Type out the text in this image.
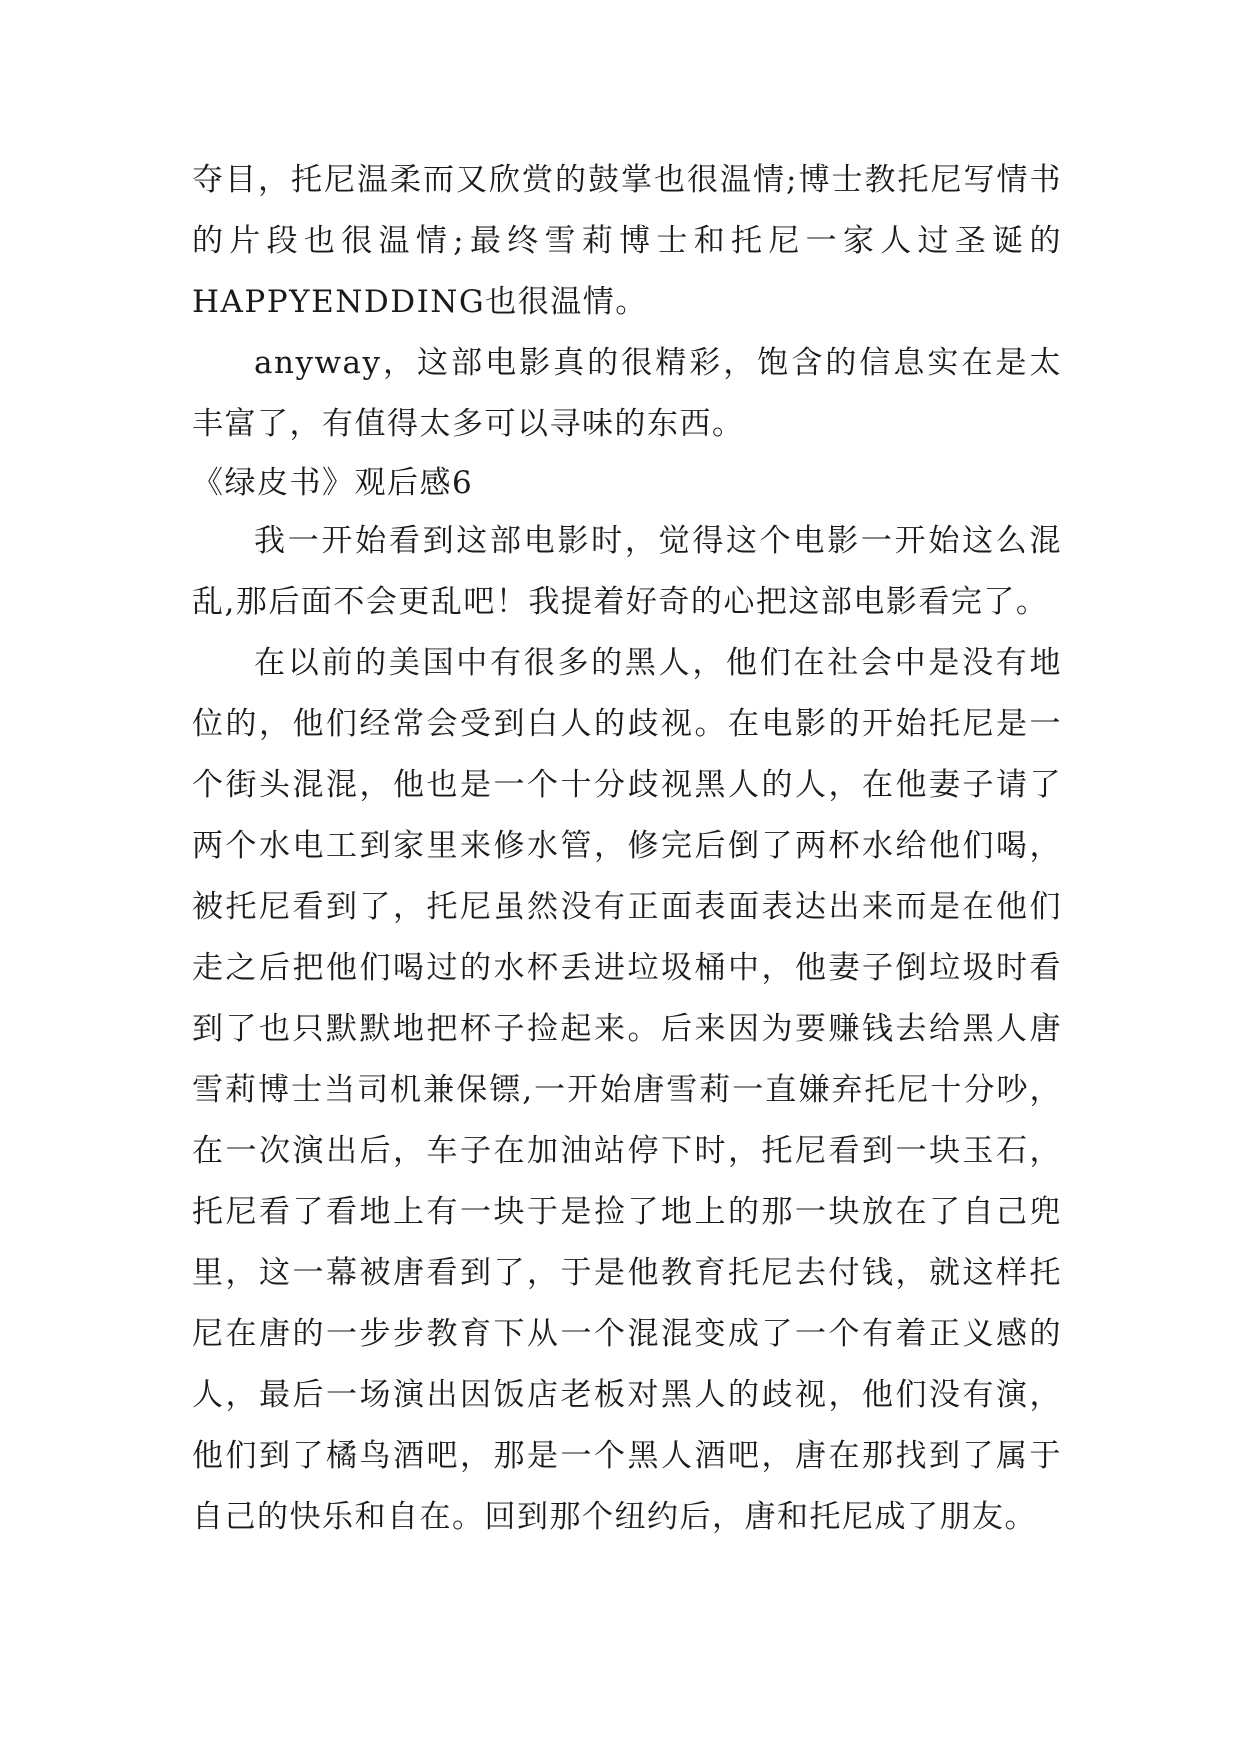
夺目，托尼温柔而又欣赏的鼓掌也很温情;博士教托尼写情书的片段也很温情;最终雪莉博士和托尼一家人过圣诞的HAPPYENDDING也很温情。

anyway，这部电影真的很精彩，饱含的信息实在是太丰富了，有值得太多可以寻味的东西。

《绿皮书》观后感6

我一开始看到这部电影时，觉得这个电影一开始这么混乱,那后面不会更乱吧！我提着好奇的心把这部电影看完了。

在以前的美国中有很多的黑人，他们在社会中是没有地位的，他们经常会受到白人的歧视。在电影的开始托尼是一个街头混混，他也是一个十分歧视黑人的人，在他妻子请了两个水电工到家里来修水管，修完后倒了两杯水给他们喝，被托尼看到了，托尼虽然没有正面表面表达出来而是在他们走之后把他们喝过的水杯丢进垃圾桶中，他妻子倒垃圾时看到了也只默默地把杯子捡起来。后来因为要赚钱去给黑人唐雪莉博士当司机兼保镖,一开始唐雪莉一直嫌弃托尼十分吵，在一次演出后，车子在加油站停下时，托尼看到一块玉石，托尼看了看地上有一块于是捡了地上的那一块放在了自己兜里，这一幕被唐看到了，于是他教育托尼去付钱，就这样托尼在唐的一步步教育下从一个混混变成了一个有着正义感的人，最后一场演出因饭店老板对黑人的歧视，他们没有演，他们到了橘鸟酒吧，那是一个黑人酒吧，唐在那找到了属于自己的快乐和自在。回到那个纽约后，唐和托尼成了朋友。
